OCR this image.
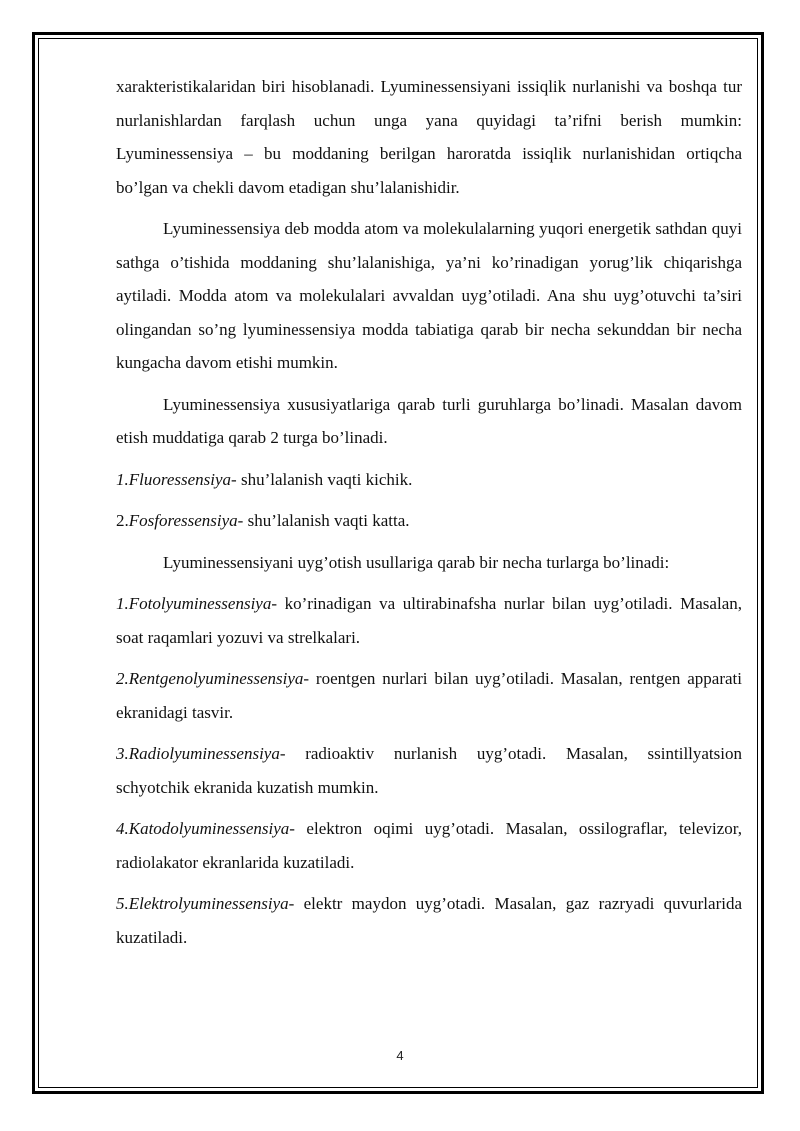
xarakteristikalaridan biri hisoblanadi. Lyuminessensiyani issiqlik nurlanishi va boshqa tur nurlanishlardan farqlash uchun unga yana quyidagi ta’rifni berish mumkin: Lyuminessensiya – bu moddaning berilgan haroratda issiqlik nurlanishidan ortiqcha bo’lgan va chekli davom etadigan shu’lalanishidir.

Lyuminessensiya deb modda atom va molekulalarning yuqori energetik sathdan quyi sathga o’tishida moddaning shu’lalanishiga, ya’ni ko’rinadigan yorug’lik chiqarishga aytiladi. Modda atom va molekulalari avvaldan uyg’otiladi. Ana shu uyg’otuvchi ta’siri olingandan so’ng lyuminessensiya modda tabiatiga qarab bir necha sekunddan bir necha kungacha davom etishi mumkin.

Lyuminessensiya xususiyatlariga qarab turli guruhlarga bo’linadi. Masalan davom etish muddatiga qarab 2 turga bo’linadi.

1.Fluoressensiya- shu’lalanish vaqti kichik.

2.Fosforessensiya- shu’lalanish vaqti katta.

Lyuminessensiyani uyg’otish usullariga qarab bir necha turlarga bo’linadi:

1.Fotolyuminessensiya- ko’rinadigan va ultirabinafsha nurlar bilan uyg’otiladi. Masalan, soat raqamlari yozuvi va strelkalari.

2.Rentgenolyuminessensiya- roentgen nurlari bilan uyg’otiladi. Masalan, rentgen apparati ekranidagi tasvir.

3.Radiolyuminessensiya- radioaktiv nurlanish uyg’otadi. Masalan, ssintillyatsion schyotchik ekranida kuzatish mumkin.

4.Katodolyuminessensiya- elektron oqimi uyg’otadi. Masalan, ossilograflar, televizor, radiolakator ekranlarida kuzatiladi.

5.Elektrolyuminessensiya- elektr maydon uyg’otadi. Masalan, gaz razryadi quvurlarida kuzatiladi.

4
